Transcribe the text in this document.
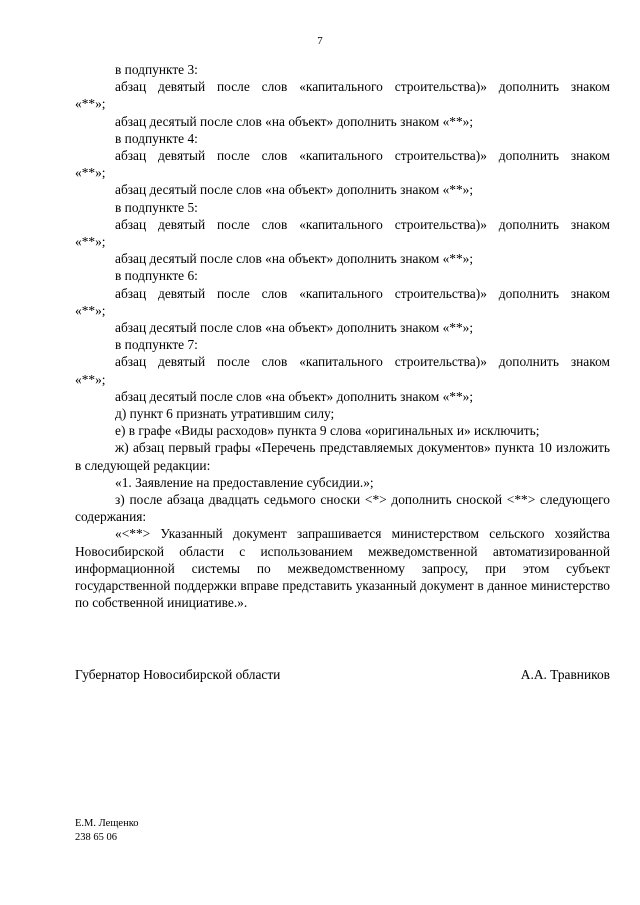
7

в подпункте 3:

абзац девятый после слов «капитального строительства)» дополнить знаком

«**»;

абзац десятый после слов «на объект» дополнить знаком «**»;

в подпункте 4:

абзац девятый после слов «капитального строительства)» дополнить знаком

«**»;

абзац десятый после слов «на объект» дополнить знаком «**»;

в подпункте 5:

абзац девятый после слов «капитального строительства)» дополнить знаком

«**»;

абзац десятый после слов «на объект» дополнить знаком «**»;

в подпункте 6:

абзац девятый после слов «капитального строительства)» дополнить знаком

«**»;

абзац десятый после слов «на объект» дополнить знаком «**»;

в подпункте 7:

абзац девятый после слов «капитального строительства)» дополнить знаком

«**»;

абзац десятый после слов «на объект» дополнить знаком «**»;

д) пункт 6 признать утратившим силу;

е) в графе «Виды расходов» пункта 9 слова «оригинальных и» исключить;

ж) абзац первый графы «Перечень представляемых документов» пункта 10 изложить в следующей редакции:

«1. Заявление на предоставление субсидии.»;

з) после абзаца двадцать седьмого сноски <*> дополнить сноской <**> следующего содержания:

«<**> Указанный документ запрашивается министерством сельского хозяйства Новосибирской области с использованием межведомственной автоматизированной информационной системы по межведомственному запросу, при этом субъект государственной поддержки вправе представить указанный документ в данное министерство по собственной инициативе.».

Губернатор Новосибирской области	А.А. Травников
Е.М. Лещенко
238 65 06
